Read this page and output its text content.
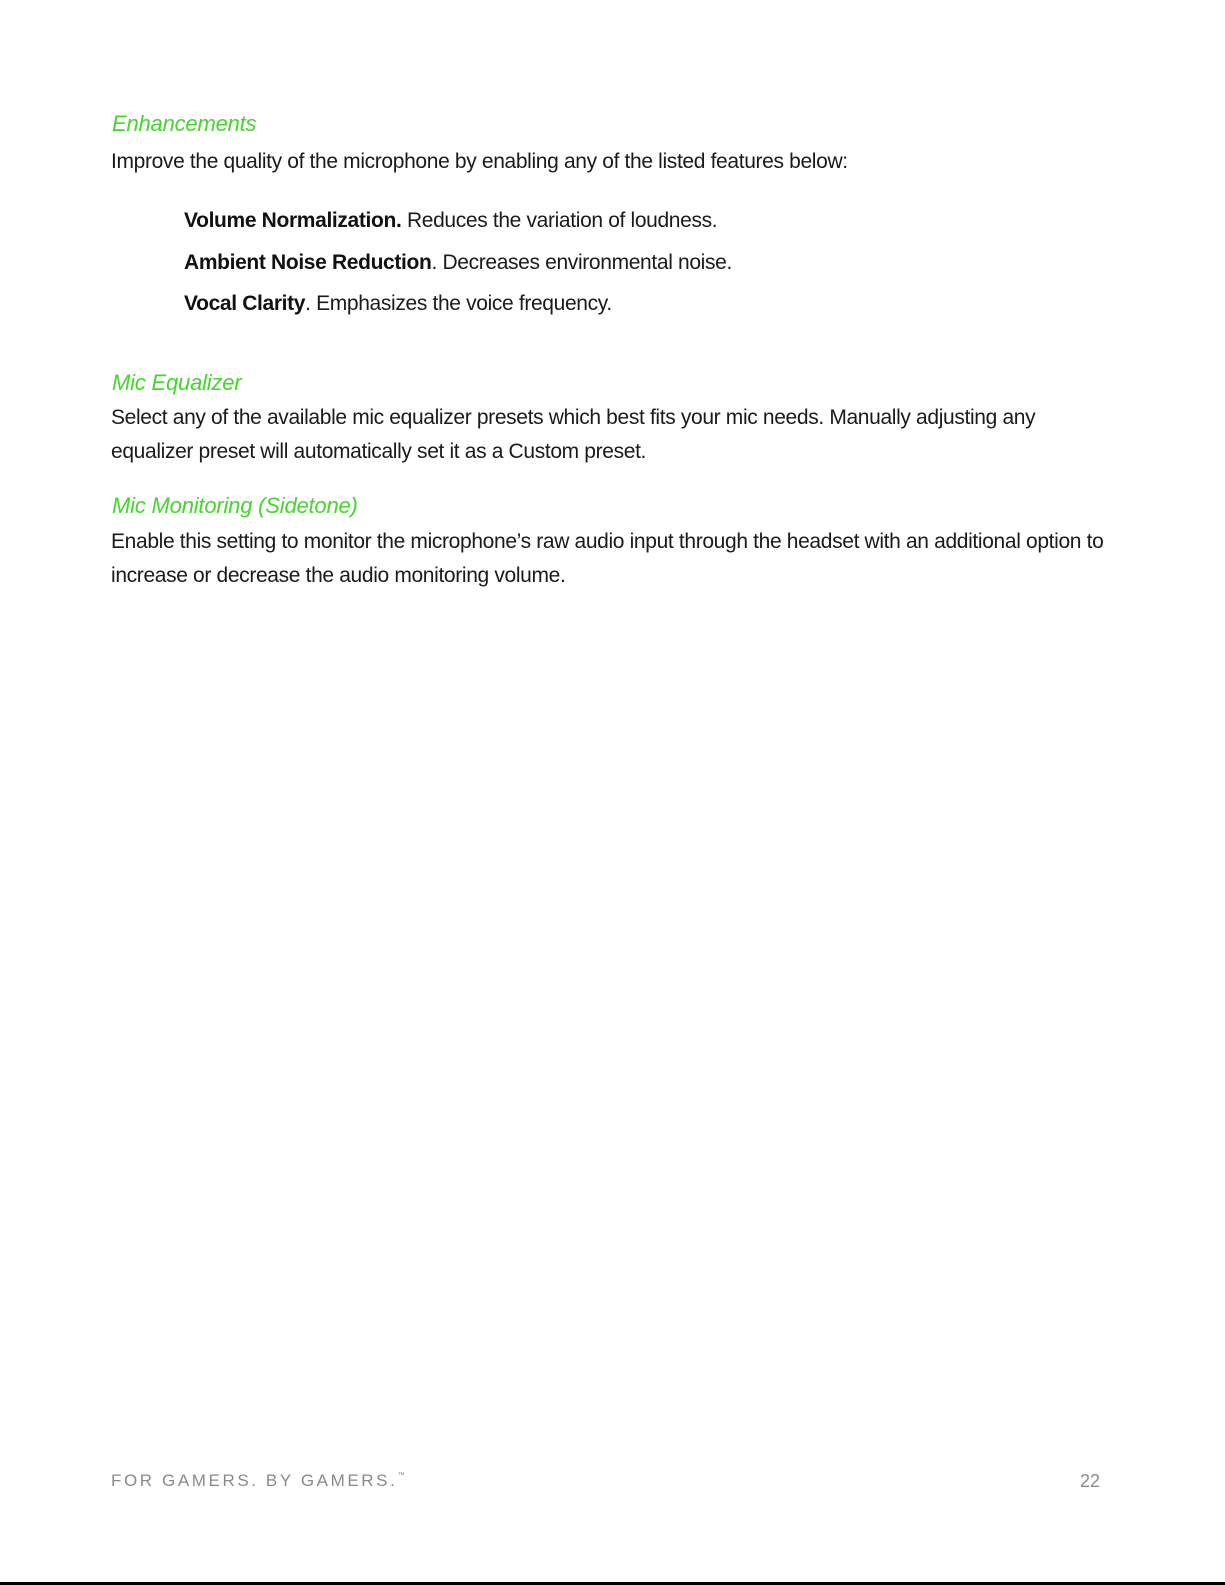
Enhancements
Improve the quality of the microphone by enabling any of the listed features below:
Volume Normalization. Reduces the variation of loudness.
Ambient Noise Reduction. Decreases environmental noise.
Vocal Clarity. Emphasizes the voice frequency.
Mic Equalizer
Select any of the available mic equalizer presets which best fits your mic needs. Manually adjusting any equalizer preset will automatically set it as a Custom preset.
Mic Monitoring (Sidetone)
Enable this setting to monitor the microphone’s raw audio input through the headset with an additional option to increase or decrease the audio monitoring volume.
FOR GAMERS. BY GAMERS.™	22
